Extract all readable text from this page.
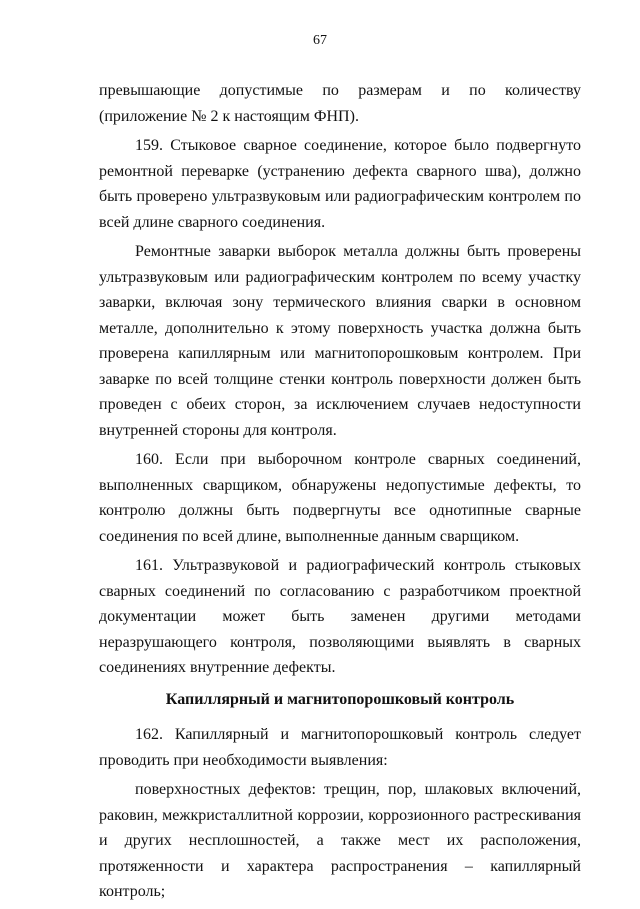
67

превышающие допустимые по размерам и по количеству (приложение № 2 к настоящим ФНП).

159. Стыковое сварное соединение, которое было подвергнуто ремонтной переварке (устранению дефекта сварного шва), должно быть проверено ультразвуковым или радиографическим контролем по всей длине сварного соединения.

Ремонтные заварки выборок металла должны быть проверены ультразвуковым или радиографическим контролем по всему участку заварки, включая зону термического влияния сварки в основном металле, дополнительно к этому поверхность участка должна быть проверена капиллярным или магнитопорошковым контролем. При заварке по всей толщине стенки контроль поверхности должен быть проведен с обеих сторон, за исключением случаев недоступности внутренней стороны для контроля.

160. Если при выборочном контроле сварных соединений, выполненных сварщиком, обнаружены недопустимые дефекты, то контролю должны быть подвергнуты все однотипные сварные соединения по всей длине, выполненные данным сварщиком.

161. Ультразвуковой и радиографический контроль стыковых сварных соединений по согласованию с разработчиком проектной документации может быть заменен другими методами неразрушающего контроля, позволяющими выявлять в сварных соединениях внутренние дефекты.

Капиллярный и магнитопорошковый контроль

162. Капиллярный и магнитопорошковый контроль следует проводить при необходимости выявления:

поверхностных дефектов: трещин, пор, шлаковых включений, раковин, межкристаллитной коррозии, коррозионного растрескивания и других несплошностей, а также мест их расположения, протяженности и характера распространения – капиллярный контроль;
